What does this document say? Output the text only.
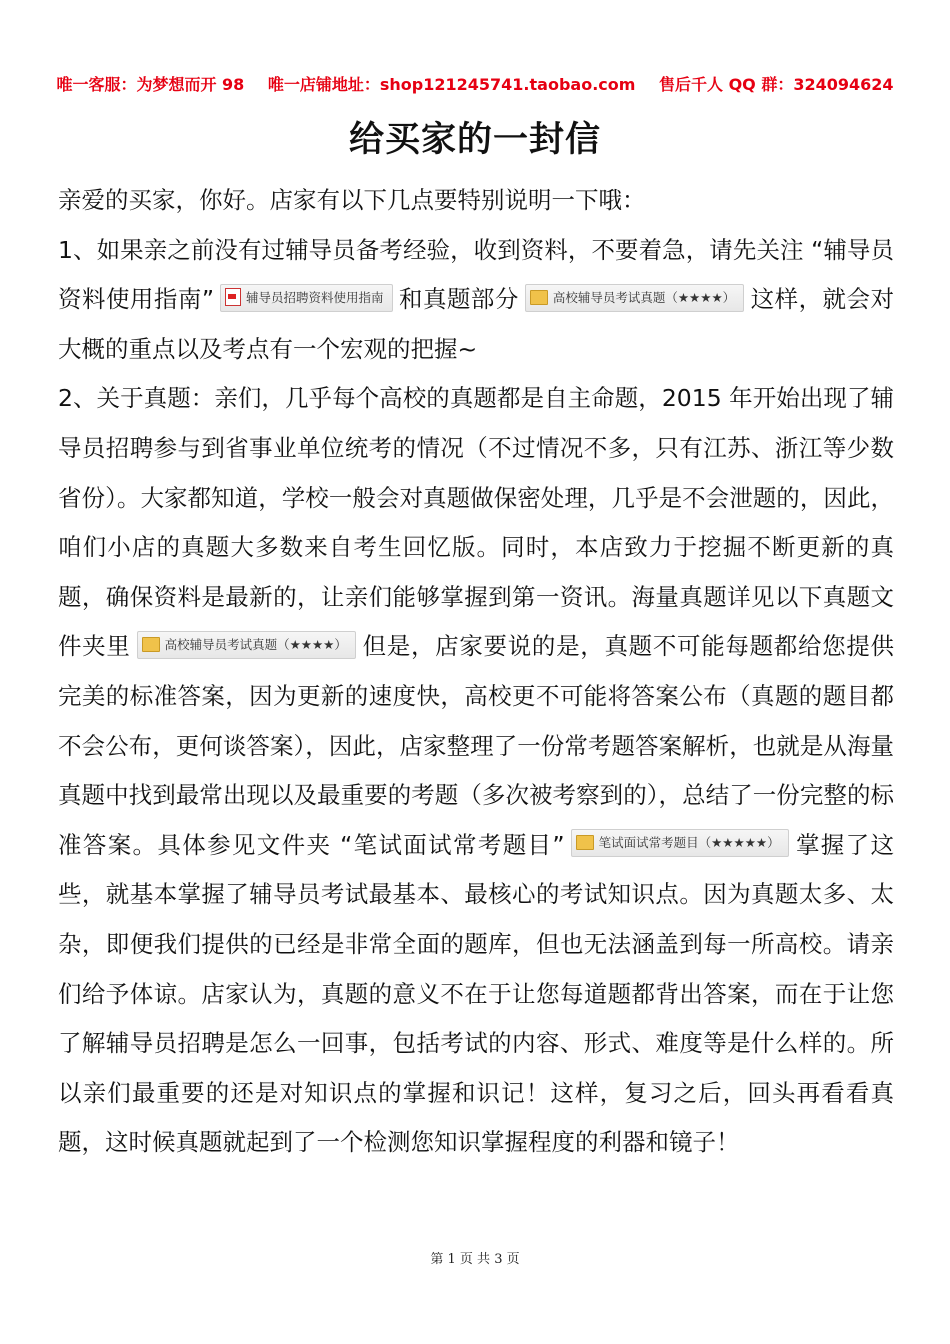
唯一客服：为梦想而开 98 唯一店铺地址：shop121245741.taobao.com 售后千人 QQ 群：324094624
给买家的一封信

亲爱的买家，你好。店家有以下几点要特别说明一下哦：

1、如果亲之前没有过辅导员备考经验，收到资料，不要着急，请先关注 “辅导员资料使用指南”	辅导员招聘资料使用指南 和真题部分	高校辅导员考试真题（★★★★） 这样，就会对大概的重点以及考点有一个宏观的把握~

2、关于真题：亲们，几乎每个高校的真题都是自主命题，2015 年开始出现了辅导员招聘参与到省事业单位统考的情况（不过情况不多，只有江苏、浙江等少数省份）。大家都知道，学校一般会对真题做保密处理，几乎是不会泄题的，因此，咱们小店的真题大多数来自考生回忆版。同时，本店致力于挖掘不断更新的真题，确保资料是最新的，让亲们能够掌握到第一资讯。海量真题详见以下真题文件夹里	高校辅导员考试真题（★★★★） 但是，店家要说的是，真题不可能每题都给您提供完美的标准答案，因为更新的速度快，高校更不可能将答案公布（真题的题目都不会公布，更何谈答案），因此，店家整理了一份常考题答案解析，也就是从海量真题中找到最常出现以及最重要的考题（多次被考察到的），总结了一份完整的标准答案。具体参见文件夹 “笔试面试常考题目”	笔试面试常考题目（★★★★★） 掌握了这些，就基本掌握了辅导员考试最基本、最核心的考试知识点。因为真题太多、太杂，即便我们提供的已经是非常全面的题库，但也无法涵盖到每一所高校。请亲们给予体谅。店家认为，真题的意义不在于让您每道题都背出答案，而在于让您了解辅导员招聘是怎么一回事，包括考试的内容、形式、难度等是什么样的。所以亲们最重要的还是对知识点的掌握和识记！这样，复习之后，回头再看看真题，这时候真题就起到了一个检测您知识掌握程度的利器和镜子！

第 1 页 共 3 页
